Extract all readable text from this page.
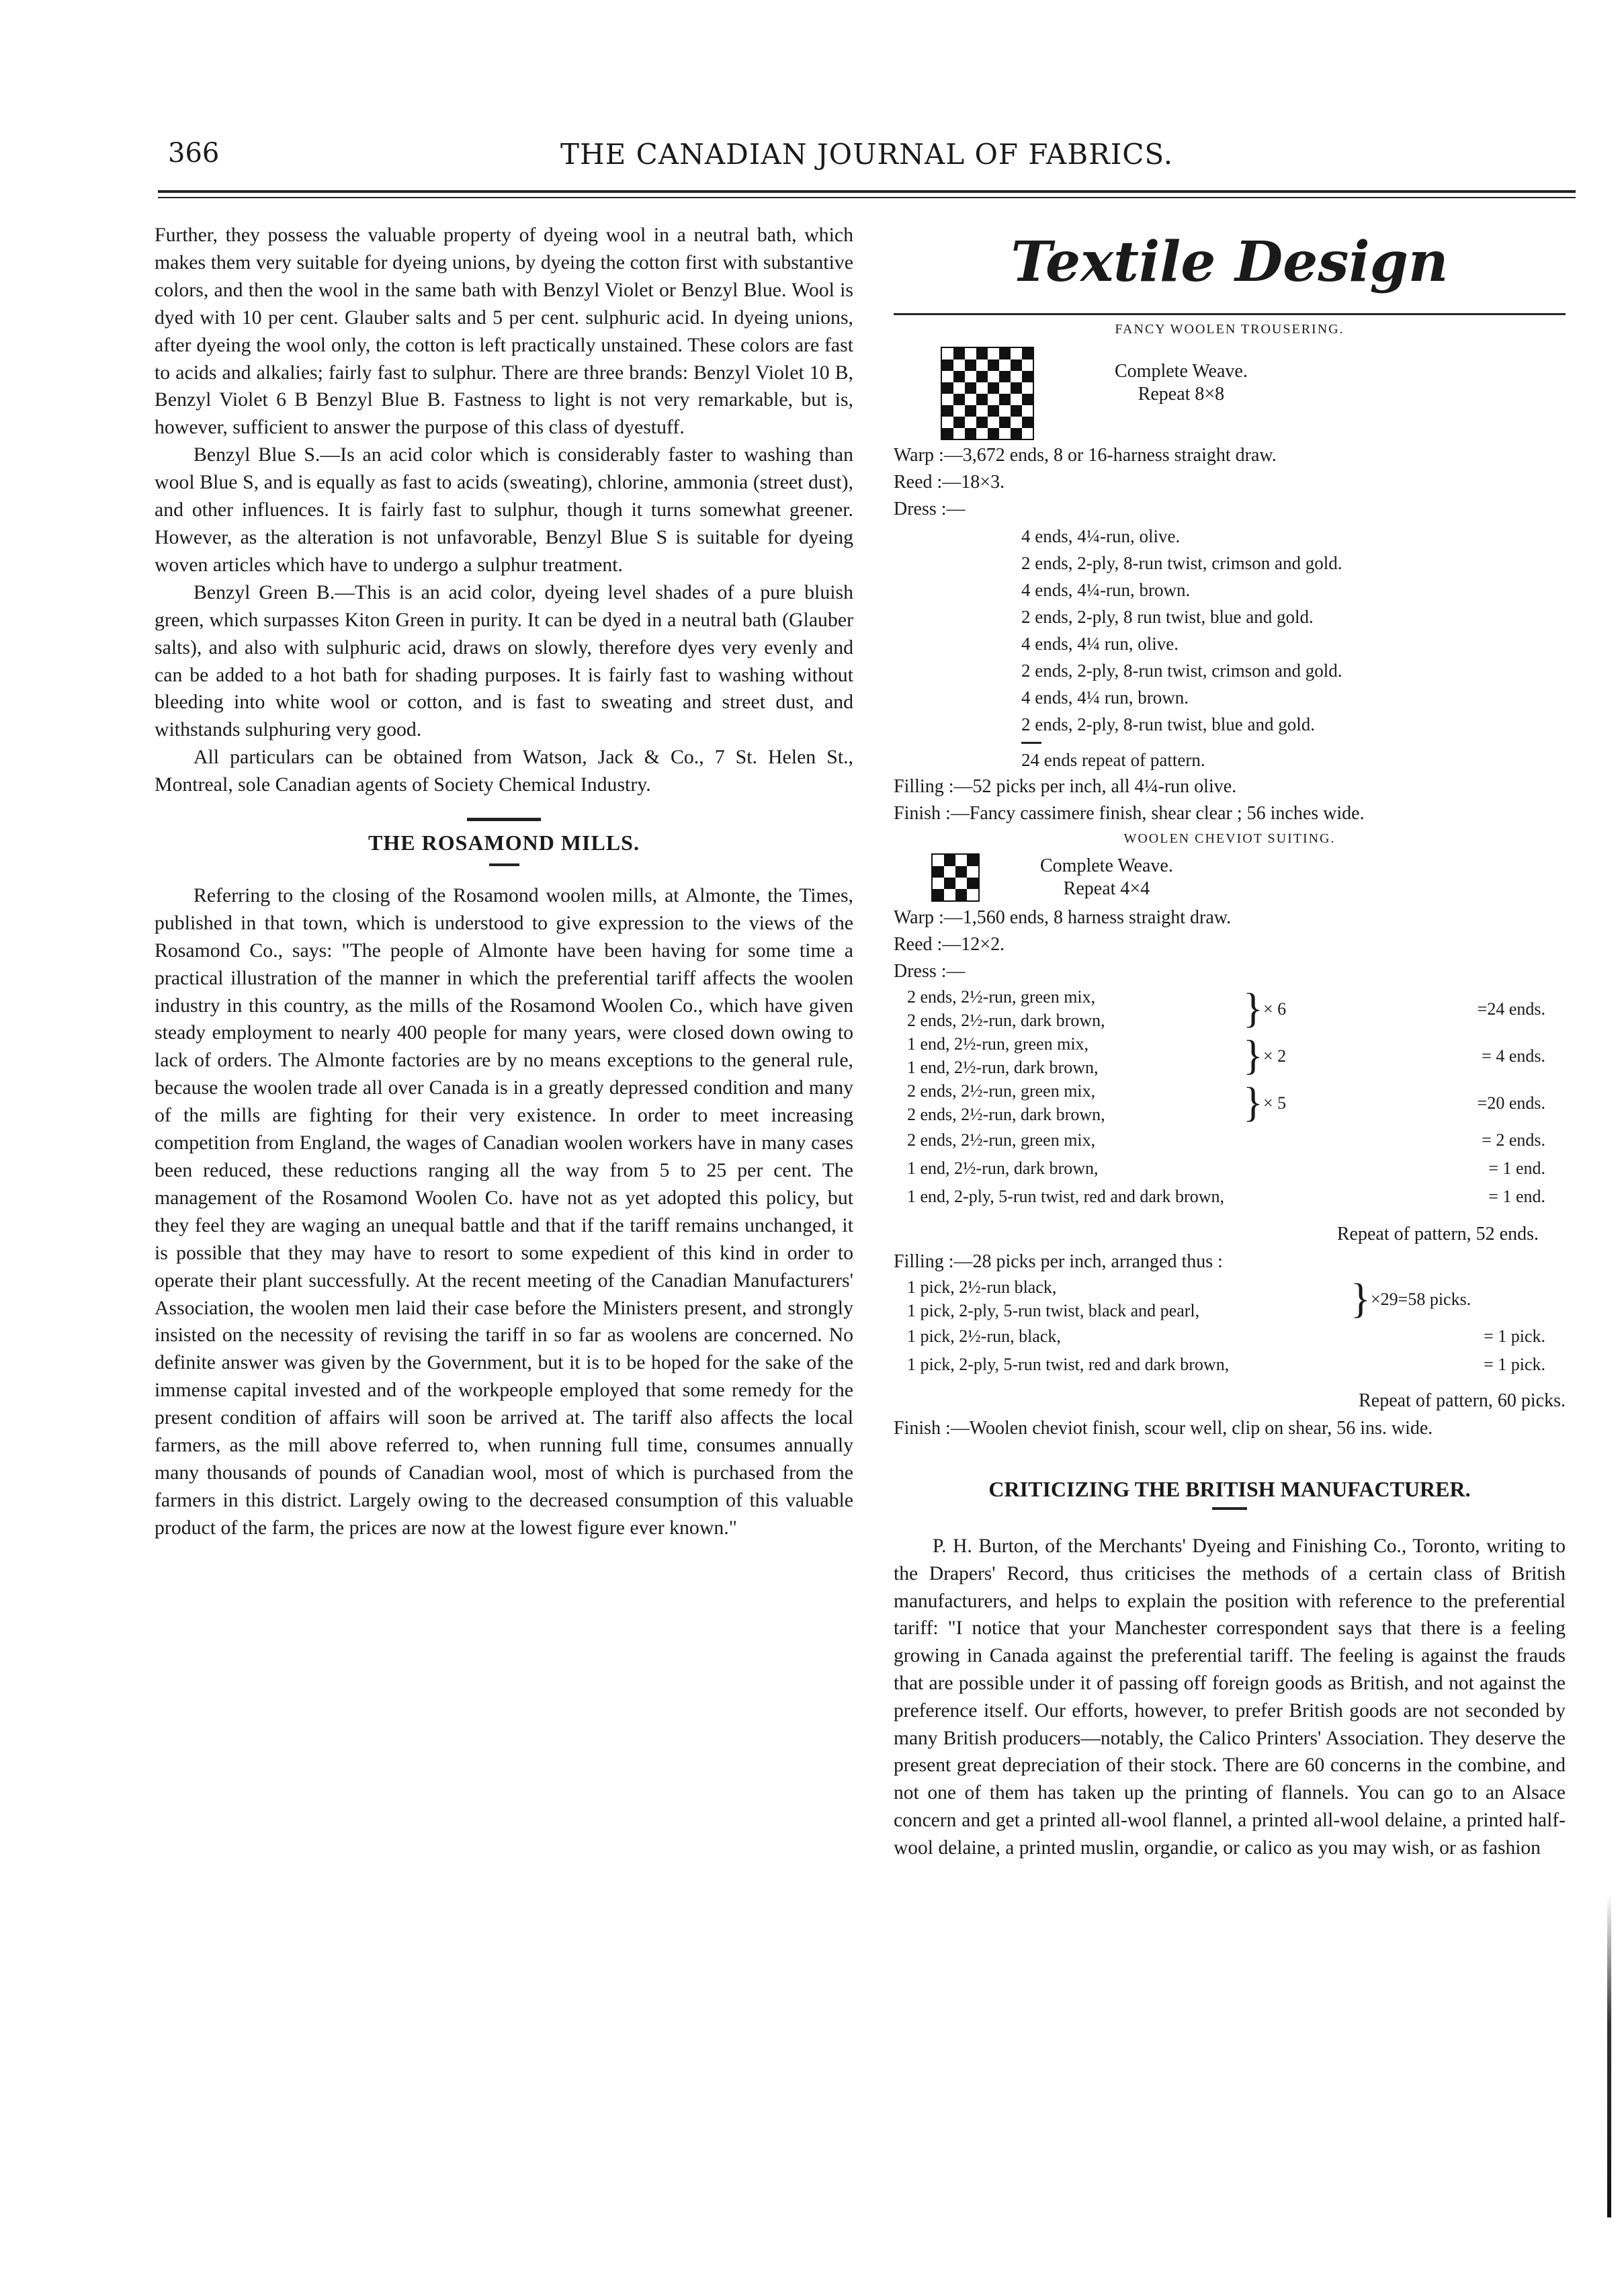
366	THE CANADIAN JOURNAL OF FABRICS.

Further, they possess the valuable property of dyeing wool in a neutral bath, which makes them very suitable for dyeing unions, by dyeing the cotton first with substantive colors, and then the wool in the same bath with Benzyl Violet or Benzyl Blue. Wool is dyed with 10 per cent. Glauber salts and 5 per cent. sulphuric acid. In dyeing unions, after dyeing the wool only, the cotton is left practically unstained. These colors are fast to acids and alkalies; fairly fast to sulphur. There are three brands: Benzyl Violet 10 B, Benzyl Violet 6 B Benzyl Blue B. Fastness to light is not very remarkable, but is, however, sufficient to answer the purpose of this class of dyestuff.

Benzyl Blue S.—Is an acid color which is considerably faster to washing than wool Blue S, and is equally as fast to acids (sweating), chlorine, ammonia (street dust), and other influences. It is fairly fast to sulphur, though it turns somewhat greener. However, as the alteration is not unfavorable, Benzyl Blue S is suitable for dyeing woven articles which have to undergo a sulphur treatment.

Benzyl Green B.—This is an acid color, dyeing level shades of a pure bluish green, which surpasses Kiton Green in purity. It can be dyed in a neutral bath (Glauber salts), and also with sulphuric acid, draws on slowly, therefore dyes very evenly and can be added to a hot bath for shading purposes. It is fairly fast to washing without bleeding into white wool or cotton, and is fast to sweating and street dust, and withstands sulphuring very good.

All particulars can be obtained from Watson, Jack & Co., 7 St. Helen St., Montreal, sole Canadian agents of Society Chemical Industry.

THE ROSAMOND MILLS.

Referring to the closing of the Rosamond woolen mills, at Almonte, the Times, published in that town, which is understood to give expression to the views of the Rosamond Co., says: "The people of Almonte have been having for some time a practical illustration of the manner in which the preferential tariff affects the woolen industry in this country, as the mills of the Rosamond Woolen Co., which have given steady employment to nearly 400 people for many years, were closed down owing to lack of orders. The Almonte factories are by no means exceptions to the general rule, because the woolen trade all over Canada is in a greatly depressed condition and many of the mills are fighting for their very existence. In order to meet increasing competition from England, the wages of Canadian woolen workers have in many cases been reduced, these reductions ranging all the way from 5 to 25 per cent. The management of the Rosamond Woolen Co. have not as yet adopted this policy, but they feel they are waging an unequal battle and that if the tariff remains unchanged, it is possible that they may have to resort to some expedient of this kind in order to operate their plant successfully. At the recent meeting of the Canadian Manufacturers' Association, the woolen men laid their case before the Ministers present, and strongly insisted on the necessity of revising the tariff in so far as woolens are concerned. No definite answer was given by the Government, but it is to be hoped for the sake of the immense capital invested and of the workpeople employed that some remedy for the present condition of affairs will soon be arrived at. The tariff also affects the local farmers, as the mill above referred to, when running full time, consumes annually many thousands of pounds of Canadian wool, most of which is purchased from the farmers in this district. Largely owing to the decreased consumption of this valuable product of the farm, the prices are now at the lowest figure ever known."

Textile Design
FANCY WOOLEN TROUSERING.
Complete Weave.
Repeat 8×8
Warp :—3,672 ends, 8 or 16-harness straight draw.
Reed :—18×3.
Dress :—
4 ends, 4¼-run, olive.
2 ends, 2-ply, 8-run twist, crimson and gold.
4 ends, 4¼-run, brown.
2 ends, 2-ply, 8 run twist, blue and gold.
4 ends, 4¼ run, olive.
2 ends, 2-ply, 8-run twist, crimson and gold.
4 ends, 4¼ run, brown.
2 ends, 2-ply, 8-run twist, blue and gold.
24 ends repeat of pattern.
Filling :—52 picks per inch, all 4¼-run olive.
Finish :—Fancy cassimere finish, shear clear ; 56 inches wide.
WOOLEN CHEVIOT SUITING.
Complete Weave.
Repeat 4×4
Warp :—1,560 ends, 8 harness straight draw.
Reed :—12×2.
Dress :—
2 ends, 2½-run, green mix,
2 ends, 2½-run, dark brown,	} × 6	=24 ends.
1 end, 2½-run, green mix,
1 end, 2½-run, dark brown,	} × 2	= 4 ends.
2 ends, 2½-run, green mix,
2 ends, 2½-run, dark brown,	} × 5	=20 ends.
2 ends, 2½-run, green mix,	= 2 ends.
1 end, 2½-run, dark brown,	= 1 end.
1 end, 2-ply, 5-run twist, red and dark brown,	= 1 end.
Repeat of pattern, 52 ends.
Filling :—28 picks per inch, arranged thus :
1 pick, 2½-run black,
1 pick, 2-ply, 5-run twist, black and pearl,	} ×29=58 picks.
1 pick, 2½-run, black,	= 1 pick.
1 pick, 2-ply, 5-run twist, red and dark brown,	= 1 pick.
Repeat of pattern, 60 picks.
Finish :—Woolen cheviot finish, scour well, clip on shear, 56 ins. wide.
CRITICIZING THE BRITISH MANUFACTURER.

P. H. Burton, of the Merchants' Dyeing and Finishing Co., Toronto, writing to the Drapers' Record, thus criticises the methods of a certain class of British manufacturers, and helps to explain the position with reference to the preferential tariff: "I notice that your Manchester correspondent says that there is a feeling growing in Canada against the preferential tariff. The feeling is against the frauds that are possible under it of passing off foreign goods as British, and not against the preference itself. Our efforts, however, to prefer British goods are not seconded by many British producers—notably, the Calico Printers' Association. They deserve the present great depreciation of their stock. There are 60 concerns in the combine, and not one of them has taken up the printing of flannels. You can go to an Alsace concern and get a printed all-wool flannel, a printed all-wool delaine, a printed half-wool delaine, a printed muslin, organdie, or calico as you may wish, or as fashion
